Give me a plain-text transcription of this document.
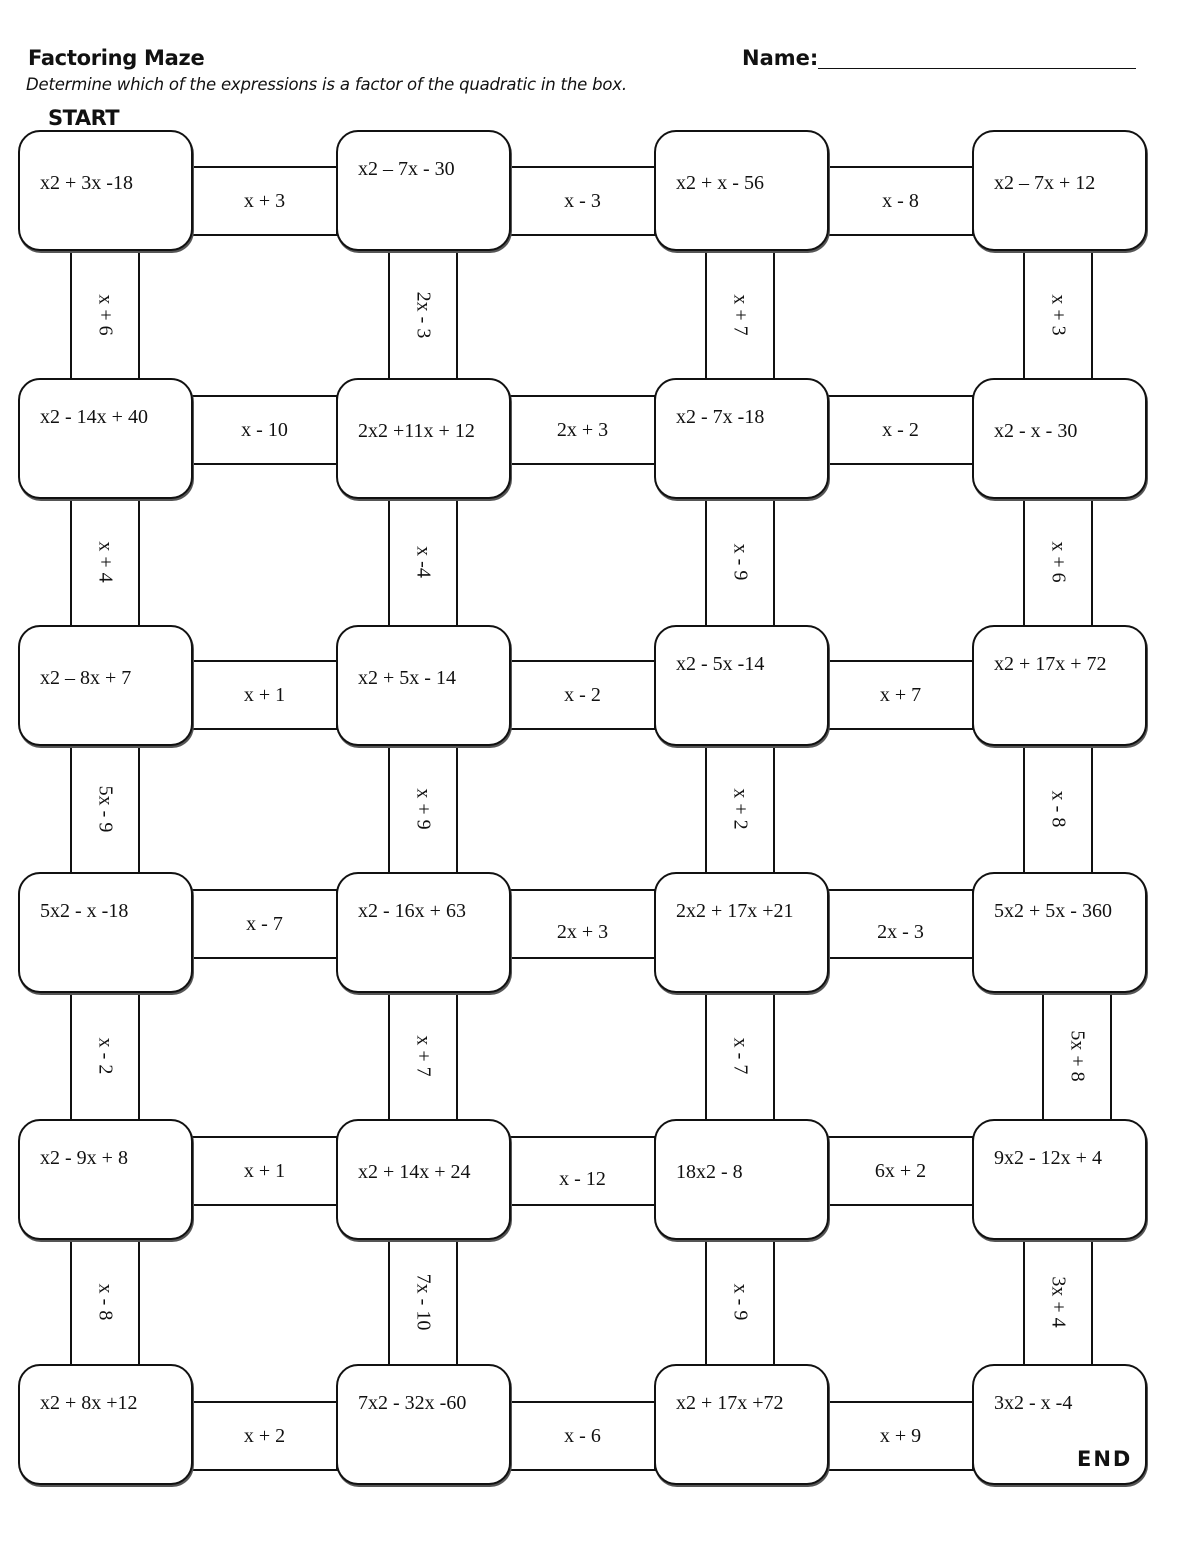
Factoring Maze	Name:
Determine which of the expressions is a factor of the quadratic in the box.
START
END
x2 + 3x -18
x2 – 7x - 30
x2 + x - 56	x2 – 7x + 12
x2 - 14x + 40
2x2 +11x + 12
x2 - 7x -18
x2 - x - 30
x2 – 8x + 7	x2 + 5x - 14
x2 - 5x -14	x2 + 17x + 72
5x2 - x -18	x2 - 16x + 63	2x2 + 17x +21	5x2 + 5x - 360
x2 - 9x + 8
x2 + 14x + 24	18x2 - 8
9x2 - 12x + 4
x2 + 8x +12	7x2 - 32x -60	x2 + 17x +72	3x2 - x -4
x + 3	x - 3	x - 8
x - 10	2x + 3	x - 2
x + 1	x - 2	x + 7
x - 7	2x + 3	2x - 3
x + 1	x - 12	6x + 2
x + 2	x - 6	x + 9
x + 6	2x - 3	x + 7	x + 3
x + 4	x -4	x - 9	x + 6
5x - 9	x + 9	x + 2	x - 8
x - 2	x + 7	x - 7	5x + 8
x - 8	7x - 10	x - 9	3x + 4
